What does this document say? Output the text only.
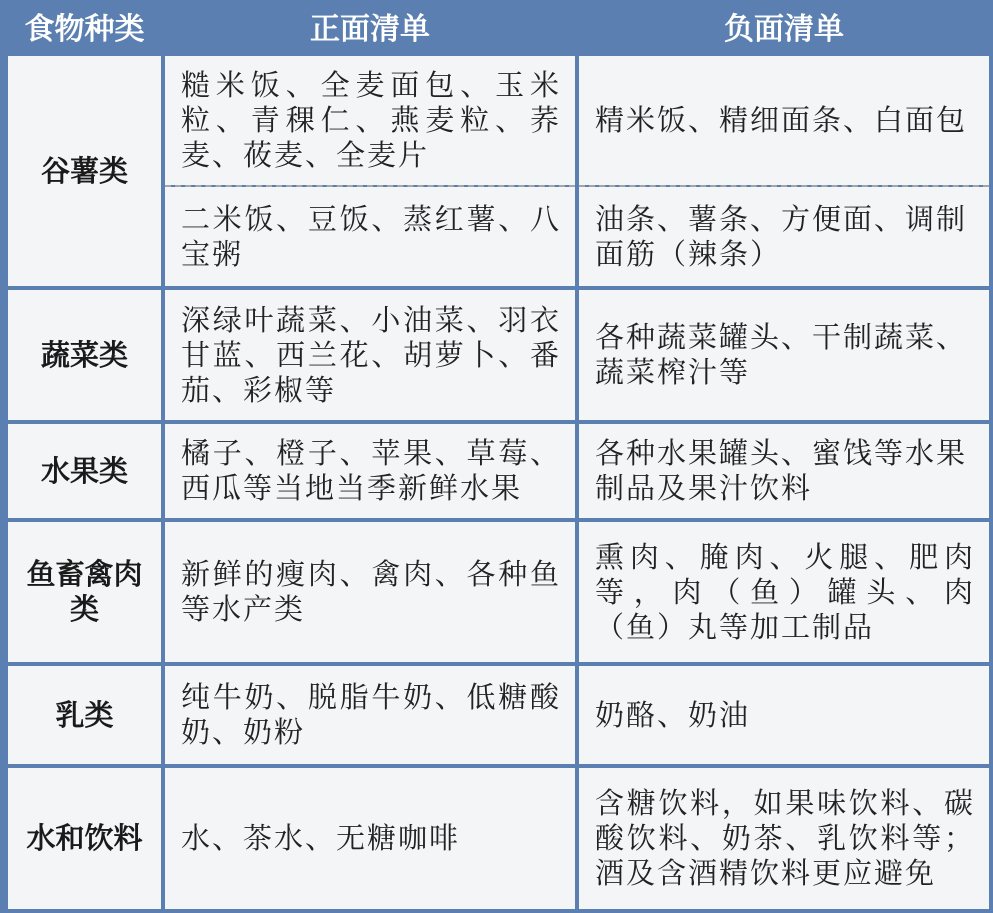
食物种类	正面清单	负面清单
谷薯类	糙米饭、全麦面包、玉米粒、青稞仁、燕麦粒、荞麦、莜麦、全麦片	精米饭、精细面条、白面包
	二米饭、豆饭、蒸红薯、八宝粥	油条、薯条、方便面、调制面筋（辣条）
蔬菜类	深绿叶蔬菜、小油菜、羽衣甘蓝、西兰花、胡萝卜、番茄、彩椒等	各种蔬菜罐头、干制蔬菜、蔬菜榨汁等
水果类	橘子、橙子、苹果、草莓、西瓜等当地当季新鲜水果	各种水果罐头、蜜饯等水果制品及果汁饮料
鱼畜禽肉类	新鲜的瘦肉、禽肉、各种鱼等水产类	熏肉、腌肉、火腿、肥肉等，肉（鱼）罐头、肉（鱼）丸等加工制品
乳类	纯牛奶、脱脂牛奶、低糖酸奶、奶粉	奶酪、奶油
水和饮料	水、茶水、无糖咖啡	含糖饮料，如果味饮料、碳酸饮料、奶茶、乳饮料等；酒及含酒精饮料更应避免
